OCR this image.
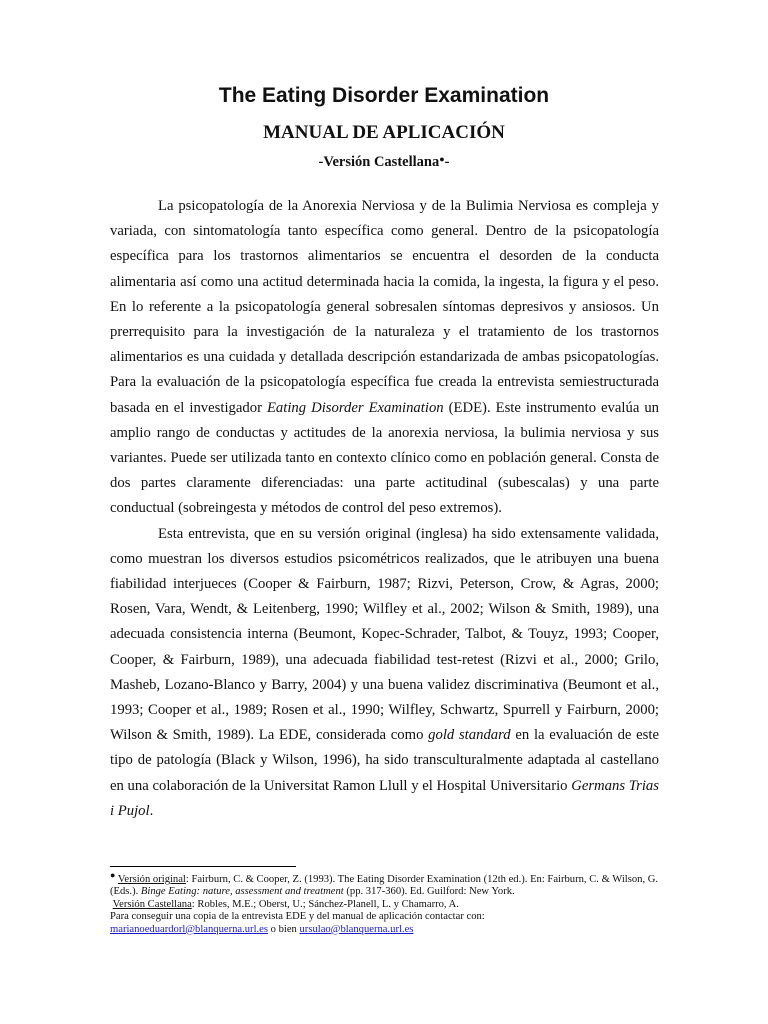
The Eating Disorder Examination
MANUAL DE APLICACIÓN
-Versión Castellana●-

La psicopatología de la Anorexia Nerviosa y de la Bulimia Nerviosa es compleja y variada, con sintomatología tanto específica como general. Dentro de la psicopatología específica para los trastornos alimentarios se encuentra el desorden de la conducta alimentaria así como una actitud determinada hacia la comida, la ingesta, la figura y el peso. En lo referente a la psicopatología general sobresalen síntomas depresivos y ansiosos. Un prerrequisito para la investigación de la naturaleza y el tratamiento de los trastornos alimentarios es una cuidada y detallada descripción estandarizada de ambas psicopatologías. Para la evaluación de la psicopatología específica fue creada la entrevista semiestructurada basada en el investigador Eating Disorder Examination (EDE). Este instrumento evalúa un amplio rango de conductas y actitudes de la anorexia nerviosa, la bulimia nerviosa y sus variantes. Puede ser utilizada tanto en contexto clínico como en población general. Consta de dos partes claramente diferenciadas: una parte actitudinal (subescalas) y una parte conductual (sobreingesta y métodos de control del peso extremos).

Esta entrevista, que en su versión original (inglesa) ha sido extensamente validada, como muestran los diversos estudios psicométricos realizados, que le atribuyen una buena fiabilidad interjueces (Cooper & Fairburn, 1987; Rizvi, Peterson, Crow, & Agras, 2000; Rosen, Vara, Wendt, & Leitenberg, 1990; Wilfley et al., 2002; Wilson & Smith, 1989), una adecuada consistencia interna (Beumont, Kopec-Schrader, Talbot, & Touyz, 1993; Cooper, Cooper, & Fairburn, 1989), una adecuada fiabilidad test-retest (Rizvi et al., 2000; Grilo, Masheb, Lozano-Blanco y Barry, 2004) y una buena validez discriminativa (Beumont et al., 1993; Cooper et al., 1989; Rosen et al., 1990; Wilfley, Schwartz, Spurrell y Fairburn, 2000; Wilson & Smith, 1989). La EDE, considerada como gold standard en la evaluación de este tipo de patología (Black y Wilson, 1996), ha sido transculturalmente adaptada al castellano en una colaboración de la Universitat Ramon Llull y el Hospital Universitario Germans Trias i Pujol.

● Versión original: Fairburn, C. & Cooper, Z. (1993). The Eating Disorder Examination (12th ed.). En: Fairburn, C. & Wilson, G. (Eds.). Binge Eating: nature, assessment and treatment (pp. 317-360). Ed. Guilford: New York.
Versión Castellana: Robles, M.E.; Oberst, U.; Sánchez-Planell, L. y Chamarro, A.
Para conseguir una copia de la entrevista EDE y del manual de aplicación contactar con:
marianoeduardorl@blanquerna.url.es o bien ursulao@blanquerna.url.es
